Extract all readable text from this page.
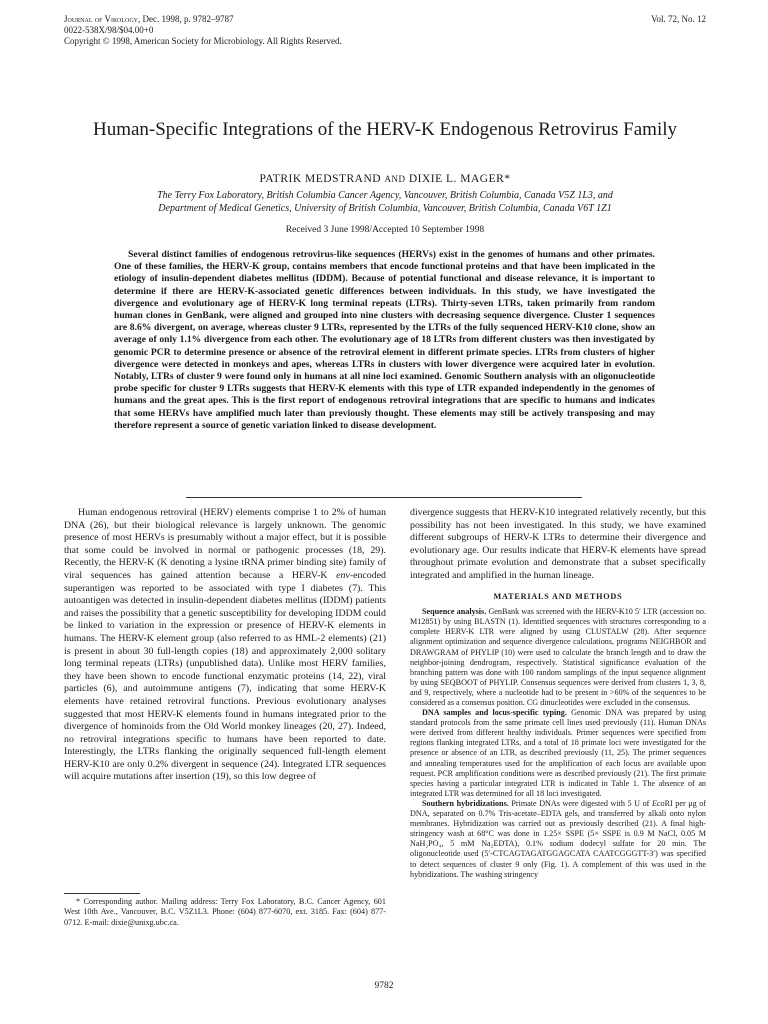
Journal of Virology, Dec. 1998, p. 9782–9787
0022-538X/98/$04.00+0
Copyright © 1998, American Society for Microbiology. All Rights Reserved.
Vol. 72, No. 12
Human-Specific Integrations of the HERV-K Endogenous Retrovirus Family
PATRIK MEDSTRAND AND DIXIE L. MAGER*
The Terry Fox Laboratory, British Columbia Cancer Agency, Vancouver, British Columbia, Canada V5Z 1L3, and
Department of Medical Genetics, University of British Columbia, Vancouver, British Columbia, Canada V6T 1Z1
Received 3 June 1998/Accepted 10 September 1998

Several distinct families of endogenous retrovirus-like sequences (HERVs) exist in the genomes of humans and other primates. One of these families, the HERV-K group, contains members that encode functional proteins and that have been implicated in the etiology of insulin-dependent diabetes mellitus (IDDM). Because of potential functional and disease relevance, it is important to determine if there are HERV-K-associated genetic differences between individuals. In this study, we have investigated the divergence and evolutionary age of HERV-K long terminal repeats (LTRs). Thirty-seven LTRs, taken primarily from random human clones in GenBank, were aligned and grouped into nine clusters with decreasing sequence divergence. Cluster 1 sequences are 8.6% divergent, on average, whereas cluster 9 LTRs, represented by the LTRs of the fully sequenced HERV-K10 clone, show an average of only 1.1% divergence from each other. The evolutionary age of 18 LTRs from different clusters was then investigated by genomic PCR to determine presence or absence of the retroviral element in different primate species. LTRs from clusters of higher divergence were detected in monkeys and apes, whereas LTRs in clusters with lower divergence were acquired later in evolution. Notably, LTRs of cluster 9 were found only in humans at all nine loci examined. Genomic Southern analysis with an oligonucleotide probe specific for cluster 9 LTRs suggests that HERV-K elements with this type of LTR expanded independently in the genomes of humans and the great apes. This is the first report of endogenous retroviral integrations that are specific to humans and indicates that some HERVs have amplified much later than previously thought. These elements may still be actively transposing and may therefore represent a source of genetic variation linked to disease development.

Human endogenous retroviral (HERV) elements comprise 1 to 2% of human DNA (26), but their biological relevance is largely unknown. The genomic presence of most HERVs is presumably without a major effect, but it is possible that some could be involved in normal or pathogenic processes (18, 29). Recently, the HERV-K (K denoting a lysine tRNA primer binding site) family of viral sequences has gained attention because a HERV-K env-encoded superantigen was reported to be associated with type I diabetes (7). This autoantigen was detected in insulin-dependent diabetes mellitus (IDDM) patients and raises the possibility that a genetic susceptibility for developing IDDM could be linked to variation in the expression or presence of HERV-K elements in humans. The HERV-K element group (also referred to as HML-2 elements) (21) is present in about 30 full-length copies (18) and approximately 2,000 solitary long terminal repeats (LTRs) (unpublished data). Unlike most HERV families, they have been shown to encode functional enzymatic proteins (14, 22), viral particles (6), and autoimmune antigens (7), indicating that some HERV-K elements have retained retroviral functions. Previous evolutionary analyses suggested that most HERV-K elements found in humans integrated prior to the divergence of hominoids from the Old World monkey lineages (20, 27). Indeed, no retroviral integrations specific to humans have been reported to date. Interestingly, the LTRs flanking the originally sequenced full-length element HERV-K10 are only 0.2% divergent in sequence (24). Integrated LTR sequences will acquire mutations after insertion (19), so this low degree of

* Corresponding author. Mailing address: Terry Fox Laboratory, B.C. Cancer Agency, 601 West 10th Ave., Vancouver, B.C. V5Z1L3. Phone: (604) 877-6070, ext. 3185. Fax: (604) 877-0712. E-mail: dixie@unixg.ubc.ca.

divergence suggests that HERV-K10 integrated relatively recently, but this possibility has not been investigated. In this study, we have examined different subgroups of HERV-K LTRs to determine their divergence and evolutionary age. Our results indicate that HERV-K elements have spread throughout primate evolution and demonstrate that a subset specifically integrated and amplified in the human lineage.

MATERIALS AND METHODS

Sequence analysis. GenBank was screened with the HERV-K10 5′ LTR (accession no. M12851) by using BLASTN (1). Identified sequences with structures corresponding to a complete HERV-K LTR were aligned by using CLUSTALW (28). After sequence alignment optimization and sequence divergence calculations, programs NEIGHBOR and DRAWGRAM of PHYLIP (10) were used to calculate the branch length and to draw the neighbor-joining dendrogram, respectively. Statistical significance evaluation of the branching pattern was done with 100 random samplings of the input sequence alignment by using SEQBOOT of PHYLIP. Consensus sequences were derived from clusters 1, 3, 8, and 9, respectively, where a nucleotide had to be present in >60% of the sequences to be considered as a consensus position. CG dinucleotides were excluded in the consensus.

DNA samples and locus-specific typing. Genomic DNA was prepared by using standard protocols from the same primate cell lines used previously (11). Human DNAs were derived from different healthy individuals. Primer sequences were specified from regions flanking integrated LTRs, and a total of 18 primate loci were investigated for the presence or absence of an LTR, as described previously (11, 25). The primer sequences and annealing temperatures used for the amplification of each locus are available upon request. PCR amplification conditions were as described previously (21). The first primate species having a particular integrated LTR is indicated in Table 1. The absence of an integrated LTR was determined for all 18 loci investigated.

Southern hybridizations. Primate DNAs were digested with 5 U of EcoRI per μg of DNA, separated on 0.7% Tris-acetate–EDTA gels, and transferred by alkali onto nylon membranes. Hybridization was carried out as previously described (21). A final high-stringency wash at 68°C was done in 1.25× SSPE (5× SSPE is 0.9 M NaCl, 0.05 M NaH₂PO₄, 5 mM Na₂EDTA), 0.1% sodium dodecyl sulfate for 20 min. The oligonucleotide used (5′-CTCAGTAGATGGAGCATA CAATCGGGTT-3′) was specified to detect sequences of cluster 9 only (Fig. 1). A complement of this was used in the hybridizations. The washing stringency

9782
